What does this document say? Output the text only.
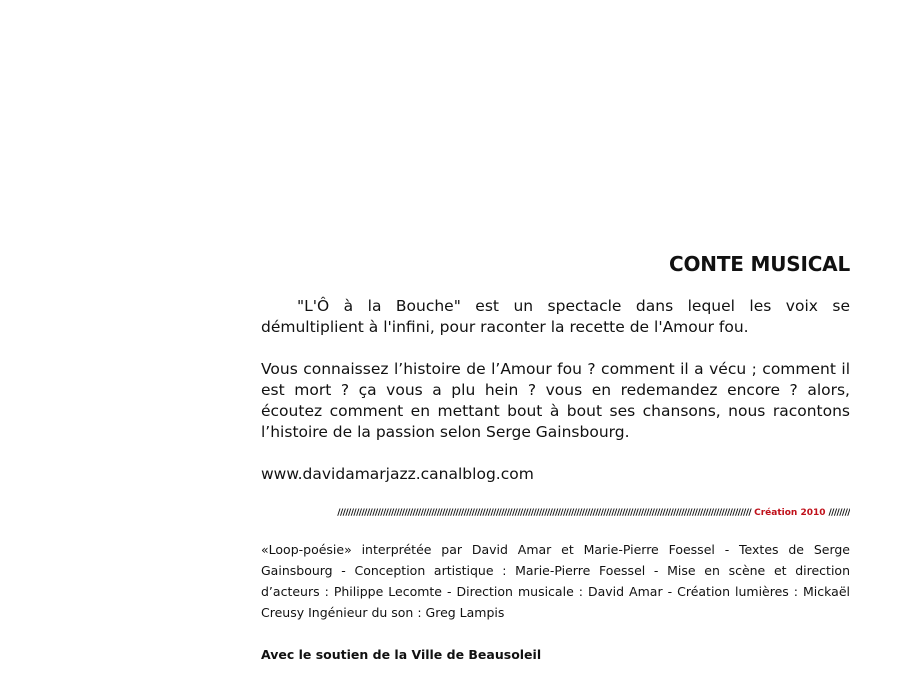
CONTE MUSICAL

"L'Ô à la Bouche" est un spectacle dans lequel les voix se démultiplient à l'infini, pour raconter la recette de l'Amour fou.

Vous connaissez l’histoire de l’Amour fou ? comment il a vécu ; comment il est mort ? ça vous a plu hein ? vous en redemandez encore ? alors, écoutez comment en mettant bout à bout ses chansons, nous racontons l’histoire de la passion selon Serge Gainsbourg.

www.davidamarjazz.canalblog.com

////////////////////////////////////////////////////////////////////////////////////////////////////////////////////////////////////////////////////////// Création 2010 ////////

«Loop-poésie» interprétée par David Amar et Marie-Pierre Foessel - Textes de Serge Gainsbourg - Conception artistique : Marie-Pierre Foessel - Mise en scène et direction d’acteurs : Philippe Lecomte - Direction musicale : David Amar - Création lumières : Mickaël Creusy Ingénieur du son : Greg Lampis

Avec le soutien de la Ville de Beausoleil
